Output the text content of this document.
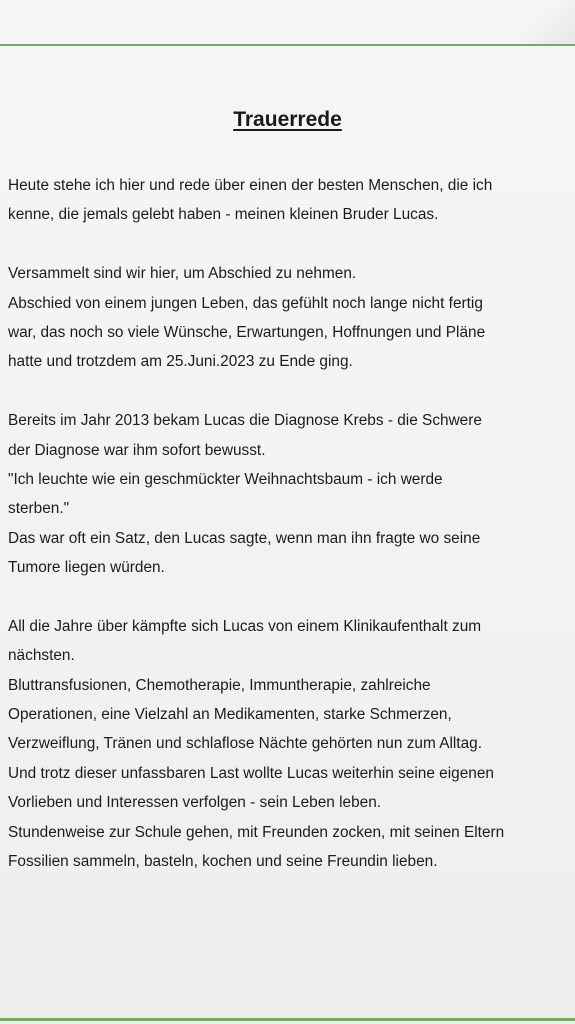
Trauerrede
Heute stehe ich hier und rede über einen der besten Menschen, die ich
kenne, die jemals gelebt haben - meinen kleinen Bruder Lucas.
Versammelt sind wir hier, um Abschied zu nehmen.
Abschied von einem jungen Leben, das gefühlt noch lange nicht fertig
war, das noch so viele Wünsche, Erwartungen, Hoffnungen und Pläne
hatte und trotzdem am 25.Juni.2023 zu Ende ging.
Bereits im Jahr 2013 bekam Lucas die Diagnose Krebs - die Schwere
der Diagnose war ihm sofort bewusst.
"Ich leuchte wie ein geschmückter Weihnachtsbaum - ich werde
sterben."
Das war oft ein Satz, den Lucas sagte, wenn man ihn fragte wo seine
Tumore liegen würden.
All die Jahre über kämpfte sich Lucas von einem Klinikaufenthalt zum
nächsten.
Bluttransfusionen, Chemotherapie, Immuntherapie, zahlreiche
Operationen, eine Vielzahl an Medikamenten, starke Schmerzen,
Verzweiflung, Tränen und schlaflose Nächte gehörten nun zum Alltag.
Und trotz dieser unfassbaren Last wollte Lucas weiterhin seine eigenen
Vorlieben und Interessen verfolgen - sein Leben leben.
Stundenweise zur Schule gehen, mit Freunden zocken, mit seinen Eltern
Fossilien sammeln, basteln, kochen und seine Freundin lieben.
